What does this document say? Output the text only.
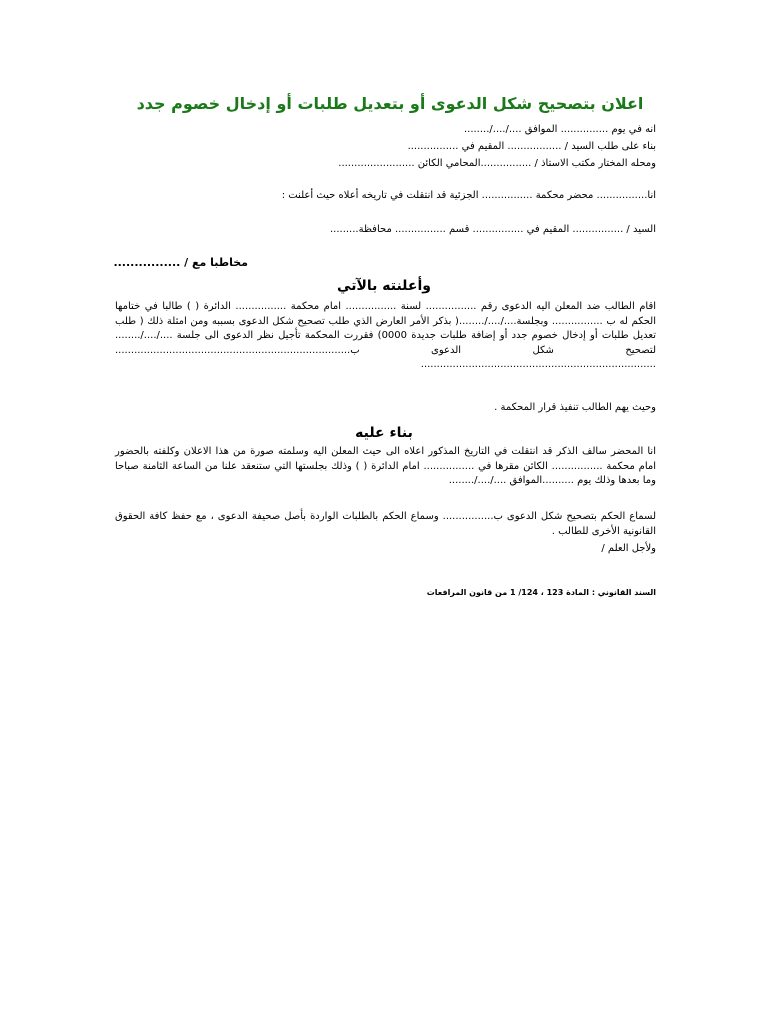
اعلان بتصحيح شكل الدعوى أو بتعديل طلبات أو إدخال خصوم جدد
انه في يوم ............... الموافق ..../..../........
بناء على طلب السيد / ................. المقيم في ................
ومحله المختار مكتب الاستاذ / ................المحامي الكائن ........................
انا................ محضر محكمة ................ الجزئية قد انتقلت في تاريخه أعلاه حيث أعلنت :
السيد / ................ المقيم في ................ قسم ................ محافظة.........
مخاطبا مع / ................
وأعلنته بالآتي
اقام الطالب ضد المعلن اليه الدعوى رقم ................ لسنة ................ امام محكمة ................ الدائرة ( ) طالبا في ختامها الحكم له ب ................ وبجلسة..../..../........( بذكر الأمر العارض الذي طلب تصحيح شكل الدعوى بسببه ومن امثلة ذلك ( طلب تعديل طلبات أو إدخال خصوم جدد أو إضافة طلبات جديدة 0000) فقررت المحكمة تأجيل نظر الدعوى الى جلسة ..../..../........ لتصحيح شكل الدعوى ب.......................................................................... ..........................................................................
وحيث يهم الطالب تنفيذ قرار المحكمة .
بناء عليه
انا المحضر سالف الذكر قد انتقلت في التاريخ المذكور اعلاه الى حيث المعلن اليه وسلمته صورة من هذا الاعلان وكلفته بالحضور امام محكمة ................ الكائن مقرها في ................ امام الدائرة ( ) وذلك بجلستها التي ستنعقد علنا من الساعة الثامنة صباحا وما بعدها وذلك يوم ..........الموافق ..../..../........
لسماع الحكم بتصحيح شكل الدعوى ب................ وسماع الحكم بالطلبات الواردة بأصل صحيفة الدعوى ، مع حفظ كافة الحقوق القانونية الأخرى للطالب .
ولأجل العلم /
السند القانوني : المادة 123 ، 124/ 1 من قانون المرافعات
